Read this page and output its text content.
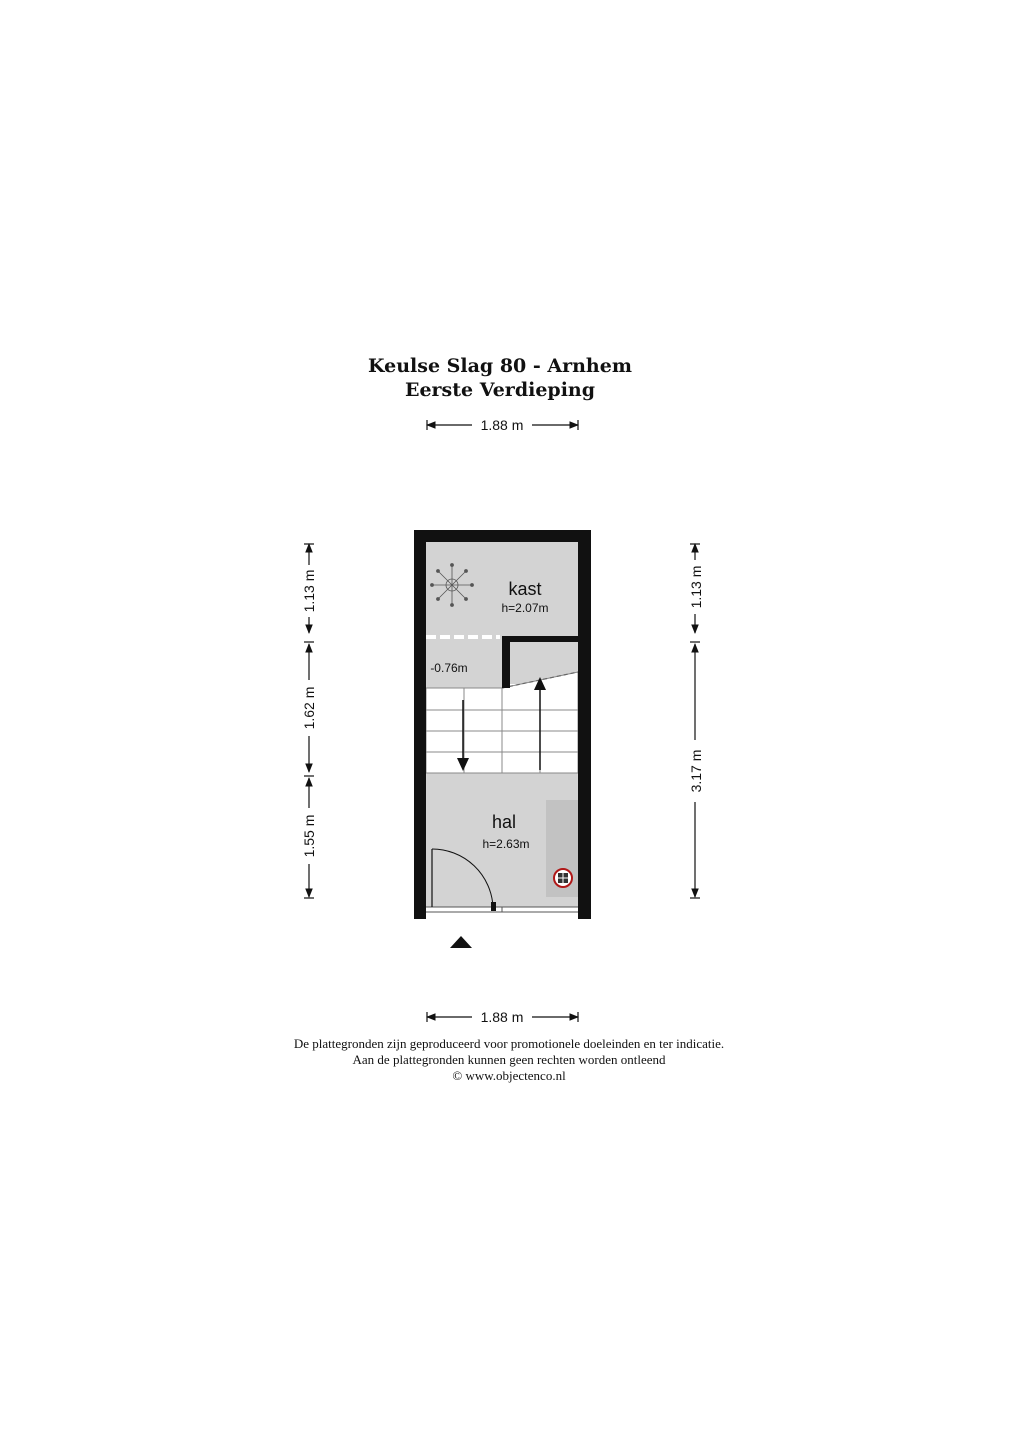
Keulse Slag 80 - Arnhem
Eerste Verdieping
1.88 m
kast
h=2.07m
-0.76m
hal
h=2.63m
1.13 m
1.62 m
1.55 m
1.13 m
3.17 m
1.88 m
De plattegronden zijn geproduceerd voor promotionele doeleinden en ter indicatie.
Aan de plattegronden kunnen geen rechten worden ontleend
© www.objectenco.nl
